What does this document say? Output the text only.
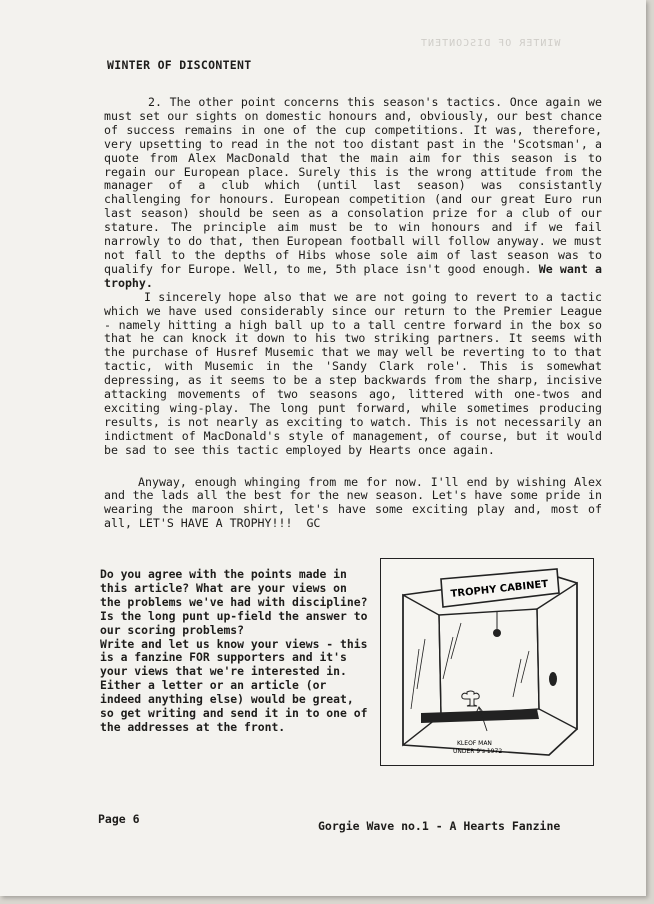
WINTER OF DISCONTENT
WINTER OF DISCONTENT

2. The other point concerns this season's tactics. Once again we must set our sights on domestic honours and, obviously, our best chance of success remains in one of the cup competitions. It was, therefore, very upsetting to read in the not too distant past in the 'Scotsman', a quote from Alex MacDonald that the main aim for this season is to regain our European place. Surely this is the wrong attitude from the manager of a club which (until last season) was consistantly challenging for honours. European competition (and our great Euro run last season) should be seen as a consolation prize for a club of our stature. The principle aim must be to win honours and if we fail narrowly to do that, then European football will follow anyway. we must not fall to the depths of Hibs whose sole aim of last season was to qualify for Europe. Well, to me, 5th place isn't good enough. We want a trophy.

I sincerely hope also that we are not going to revert to a tactic which we have used considerably since our return to the Premier League - namely hitting a high ball up to a tall centre forward in the box so that he can knock it down to his two striking partners. It seems with the purchase of Husref Musemic that we may well be reverting to to that tactic, with Musemic in the 'Sandy Clark role'. This is somewhat depressing, as it seems to be a step backwards from the sharp, incisive attacking movements of two seasons ago, littered with one-twos and exciting wing-play. The long punt forward, while sometimes producing results, is not nearly as exciting to watch. This is not necessarily an indictment of MacDonald's style of management, of course, but it would be sad to see this tactic employed by Hearts once again.

Anyway, enough whinging from me for now. I'll end by wishing Alex and the lads all the best for the new season. Let's have some pride in wearing the maroon shirt, let's have some exciting play and, most of all, LET'S HAVE A TROPHY!!! GC

Do you agree with the points made in this article? What are your views on the problems we've had with discipline? Is the long punt up-field the answer to our scoring problems?

Write and let us know your views - this is a fanzine FOR supporters and it's your views that we're interested in. Either a letter or an article (or indeed anything else) would be great, so get writing and send it in to one of the addresses at the front.

TROPHY CABINET
KLEOF MAN
UNDER 9's 1972
Page 6	Gorgie Wave no.1 - A Hearts Fanzine
